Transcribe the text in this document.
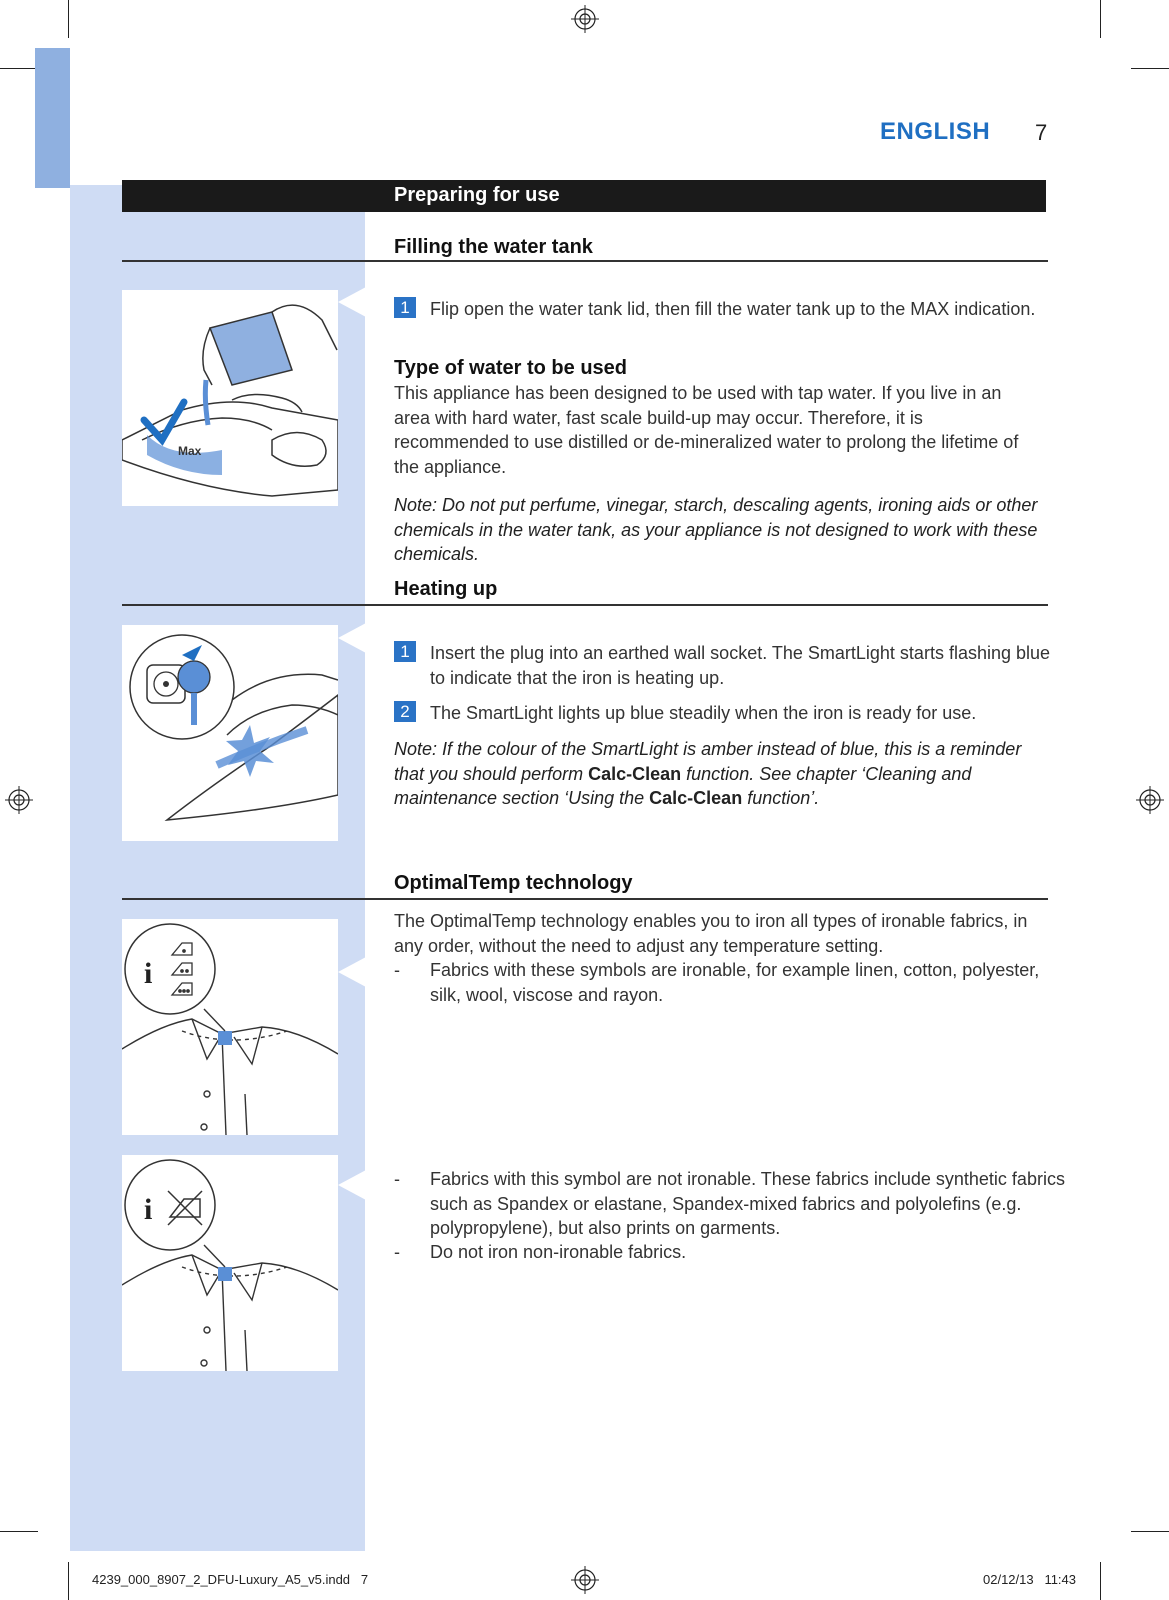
ENGLISH 7
Preparing for use
Filling the water tank
Max
1 Flip open the water tank lid, then fill the water tank up to the MAX indication.
Type of water to be used
This appliance has been designed to be used with tap water. If you live in an area with hard water, fast scale build-up may occur. Therefore, it is recommended to use distilled or de-mineralized water to prolong the lifetime of the appliance.
Note: Do not put perfume, vinegar, starch, descaling agents, ironing aids or other chemicals in the water tank, as your appliance is not designed to work with these chemicals.
Heating up
1 Insert the plug into an earthed wall socket. The SmartLight starts flashing blue to indicate that the iron is heating up.
2 The SmartLight lights up blue steadily when the iron is ready for use.
Note: If the colour of the SmartLight is amber instead of blue, this is a reminder that you should perform Calc-Clean function. See chapter ‘Cleaning and maintenance section ‘Using the Calc-Clean function’.
OptimalTemp technology
i
The OptimalTemp technology enables you to iron all types of ironable fabrics, in any order, without the need to adjust any temperature setting.
- Fabrics with these symbols are ironable, for example linen, cotton, polyester, silk, wool, viscose and rayon.
i
- Fabrics with this symbol are not ironable. These fabrics include synthetic fabrics such as Spandex or elastane, Spandex-mixed fabrics and polyolefins (e.g. polypropylene), but also prints on garments.
- Do not iron non-ironable fabrics.
4239_000_8907_2_DFU-Luxury_A5_v5.indd   7	02/12/13   11:43
